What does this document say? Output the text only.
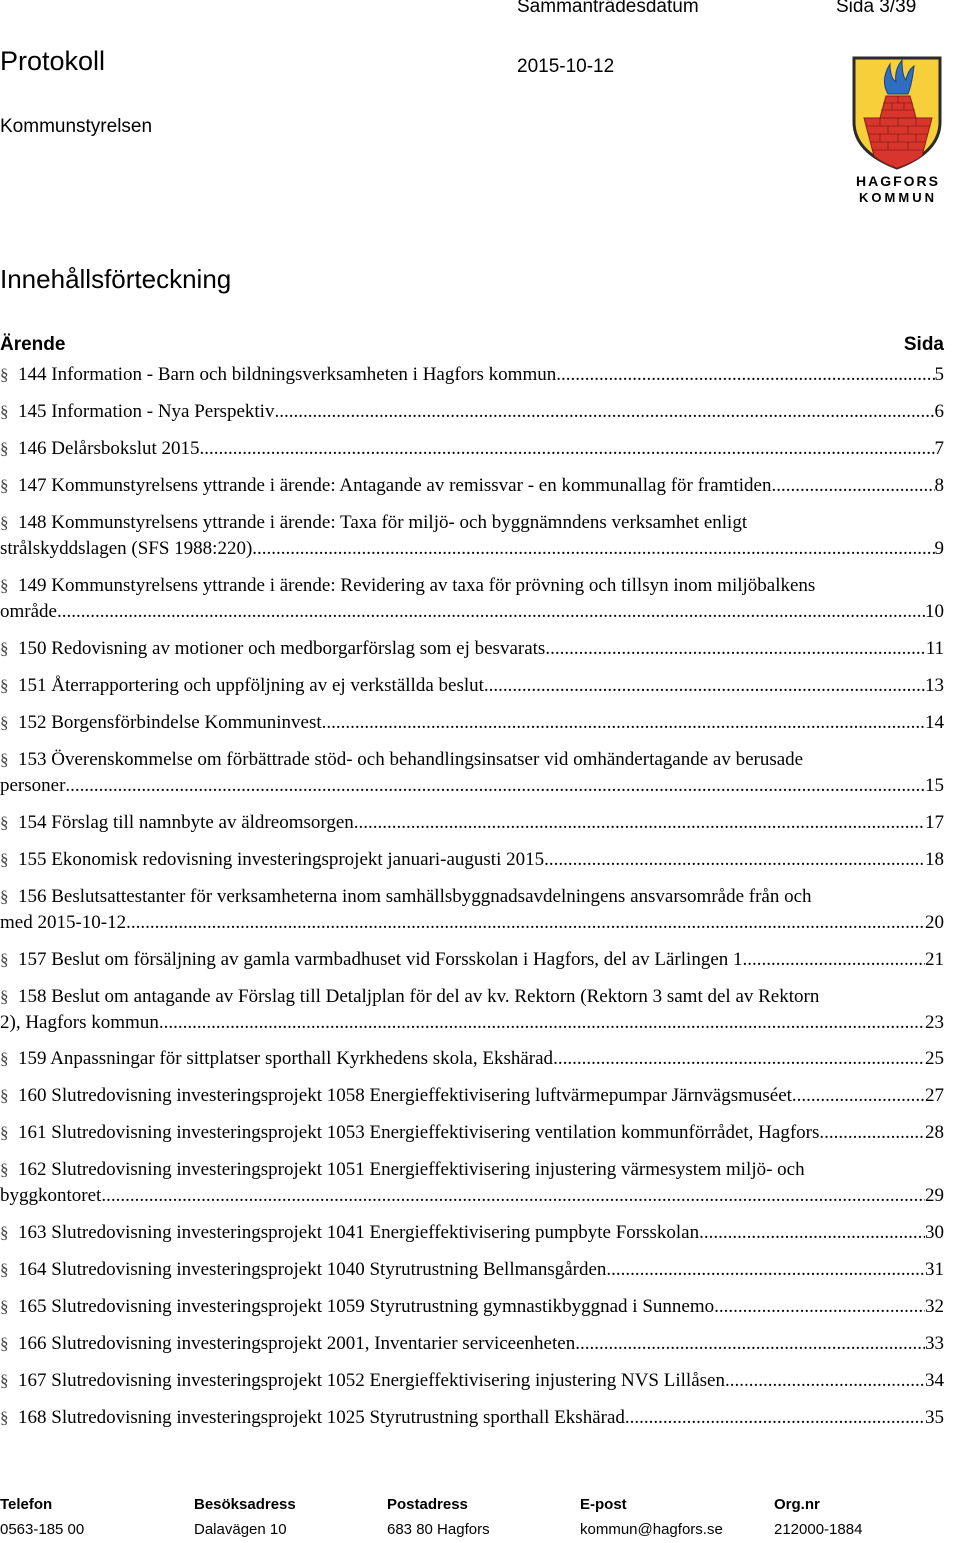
Sammanträdesdatum	Sida 3/39
Protokoll	2015-10-12
Kommunstyrelsen
HAGFORS
KOMMUN
Innehållsförteckning
Ärende	Sida
§ 144 Information - Barn och bildningsverksamheten i Hagfors kommun .....	5
§ 145 Information - Nya Perspektiv .....	6
§ 146 Delårsbokslut 2015 .....	7
§ 147 Kommunstyrelsens yttrande i ärende: Antagande av remissvar - en kommunallag för framtiden .....	8
§ 148 Kommunstyrelsens yttrande i ärende: Taxa för miljö- och byggnämndens verksamhet enligt
strålskyddslagen (SFS 1988:220) .....	9
§ 149 Kommunstyrelsens yttrande i ärende: Revidering av taxa för prövning och tillsyn inom miljöbalkens
område .....	10
§ 150 Redovisning av motioner och medborgarförslag som ej besvarats .....	11
§ 151 Återrapportering och uppföljning av ej verkställda beslut .....	13
§ 152 Borgensförbindelse Kommuninvest .....	14
§ 153 Överenskommelse om förbättrade stöd- och behandlingsinsatser vid omhändertagande av berusade
personer .....	15
§ 154 Förslag till namnbyte av äldreomsorgen .....	17
§ 155 Ekonomisk redovisning investeringsprojekt januari-augusti 2015 .....	18
§ 156 Beslutsattestanter för verksamheterna inom samhällsbyggnadsavdelningens ansvarsområde från och
med 2015-10-12 .....	20
§ 157 Beslut om försäljning av gamla varmbadhuset vid Forsskolan i Hagfors, del av Lärlingen 1 .....	21
§ 158 Beslut om antagande av Förslag till Detaljplan för del av kv. Rektorn (Rektorn 3 samt del av Rektorn
2), Hagfors kommun .....	23
§ 159 Anpassningar för sittplatser sporthall Kyrkhedens skola, Ekshärad .....	25
§ 160 Slutredovisning investeringsprojekt 1058 Energieffektivisering luftvärmepumpar Järnvägsmuséet .....	27
§ 161 Slutredovisning investeringsprojekt 1053 Energieffektivisering ventilation kommunförrådet, Hagfors .....	28
§ 162 Slutredovisning investeringsprojekt 1051 Energieffektivisering injustering värmesystem miljö- och
byggkontoret .....	29
§ 163 Slutredovisning investeringsprojekt 1041 Energieffektivisering pumpbyte Forsskolan .....	30
§ 164 Slutredovisning investeringsprojekt 1040 Styrutrustning Bellmansgården .....	31
§ 165 Slutredovisning investeringsprojekt 1059 Styrutrustning gymnastikbyggnad i Sunnemo .....	32
§ 166 Slutredovisning investeringsprojekt 2001, Inventarier serviceenheten .....	33
§ 167 Slutredovisning investeringsprojekt 1052 Energieffektivisering injustering NVS Lillåsen .....	34
§ 168 Slutredovisning investeringsprojekt 1025 Styrutrustning sporthall Ekshärad .....	35
Telefon	Besöksadress	Postadress	E-post	Org.nr
0563-185 00	Dalavägen 10	683 80 Hagfors	kommun@hagfors.se	212000-1884
